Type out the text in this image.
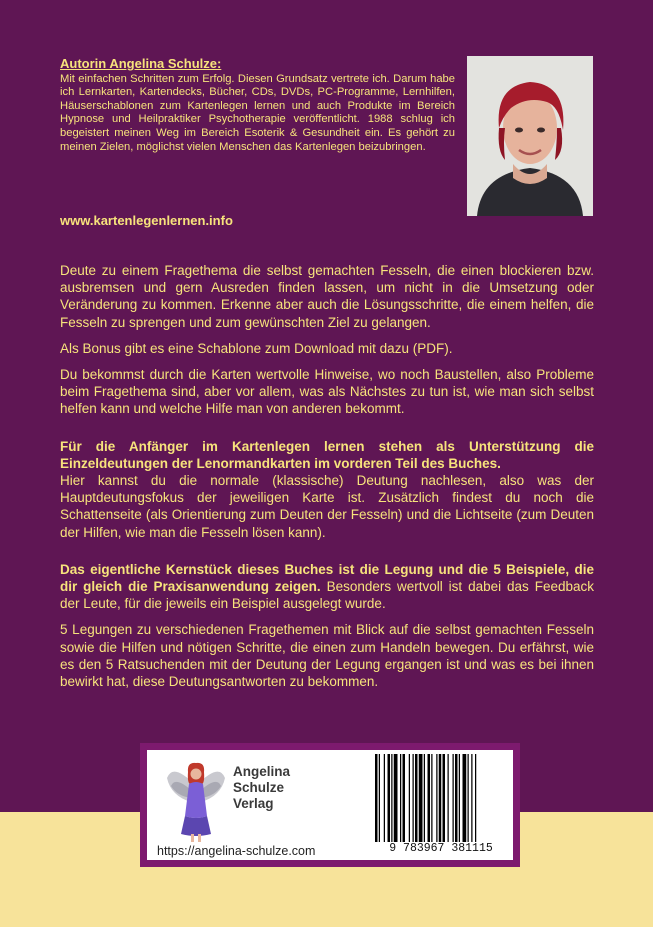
Autorin Angelina Schulze:
Mit einfachen Schritten zum Erfolg. Diesen Grundsatz vertrete ich. Darum habe ich Lernkarten, Kartendecks, Bücher, CDs, DVDs, PC-Programme, Lernhilfen, Häuserschablonen zum Kartenlegen lernen und auch Produkte im Bereich Hypnose und Heilpraktiker Psychotherapie veröffentlicht. 1988 schlug ich begeistert meinen Weg im Bereich Esoterik & Gesundheit ein. Es gehört zu meinen Zielen, möglichst vielen Menschen das Kartenlegen beizubringen.
www.kartenlegenlernen.info

Deute zu einem Fragethema die selbst gemachten Fesseln, die einen blockieren bzw. ausbremsen und gern Ausreden finden lassen, um nicht in die Umsetzung oder Veränderung zu kommen. Erkenne aber auch die Lösungsschritte, die einem helfen, die Fesseln zu sprengen und zum gewünschten Ziel zu gelangen.

Als Bonus gibt es eine Schablone zum Download mit dazu (PDF).

Du bekommst durch die Karten wertvolle Hinweise, wo noch Baustellen, also Probleme beim Fragethema sind, aber vor allem, was als Nächstes zu tun ist, wie man sich selbst helfen kann und welche Hilfe man von anderen bekommt.

Für die Anfänger im Kartenlegen lernen stehen als Unterstützung die Einzeldeutungen der Lenormandkarten im vorderen Teil des Buches.
Hier kannst du die normale (klassische) Deutung nachlesen, also was der Hauptdeutungsfokus der jeweiligen Karte ist. Zusätzlich findest du noch die Schattenseite (als Orientierung zum Deuten der Fesseln) und die Lichtseite (zum Deuten der Hilfen, wie man die Fesseln lösen kann).

Das eigentliche Kernstück dieses Buches ist die Legung und die 5 Beispiele, die dir gleich die Praxisanwendung zeigen. Besonders wertvoll ist dabei das Feedback der Leute, für die jeweils ein Beispiel ausgelegt wurde.

5 Legungen zu verschiedenen Fragethemen mit Blick auf die selbst gemachten Fesseln sowie die Hilfen und nötigen Schritte, die einen zum Handeln bewegen. Du erfährst, wie es den 5 Ratsuchenden mit der Deutung der Legung ergangen ist und was es bei ihnen bewirkt hat, diese Deutungsantworten zu bekommen.

Angelina
Schulze
Verlag
https://angelina-schulze.com	9 783967 381115
